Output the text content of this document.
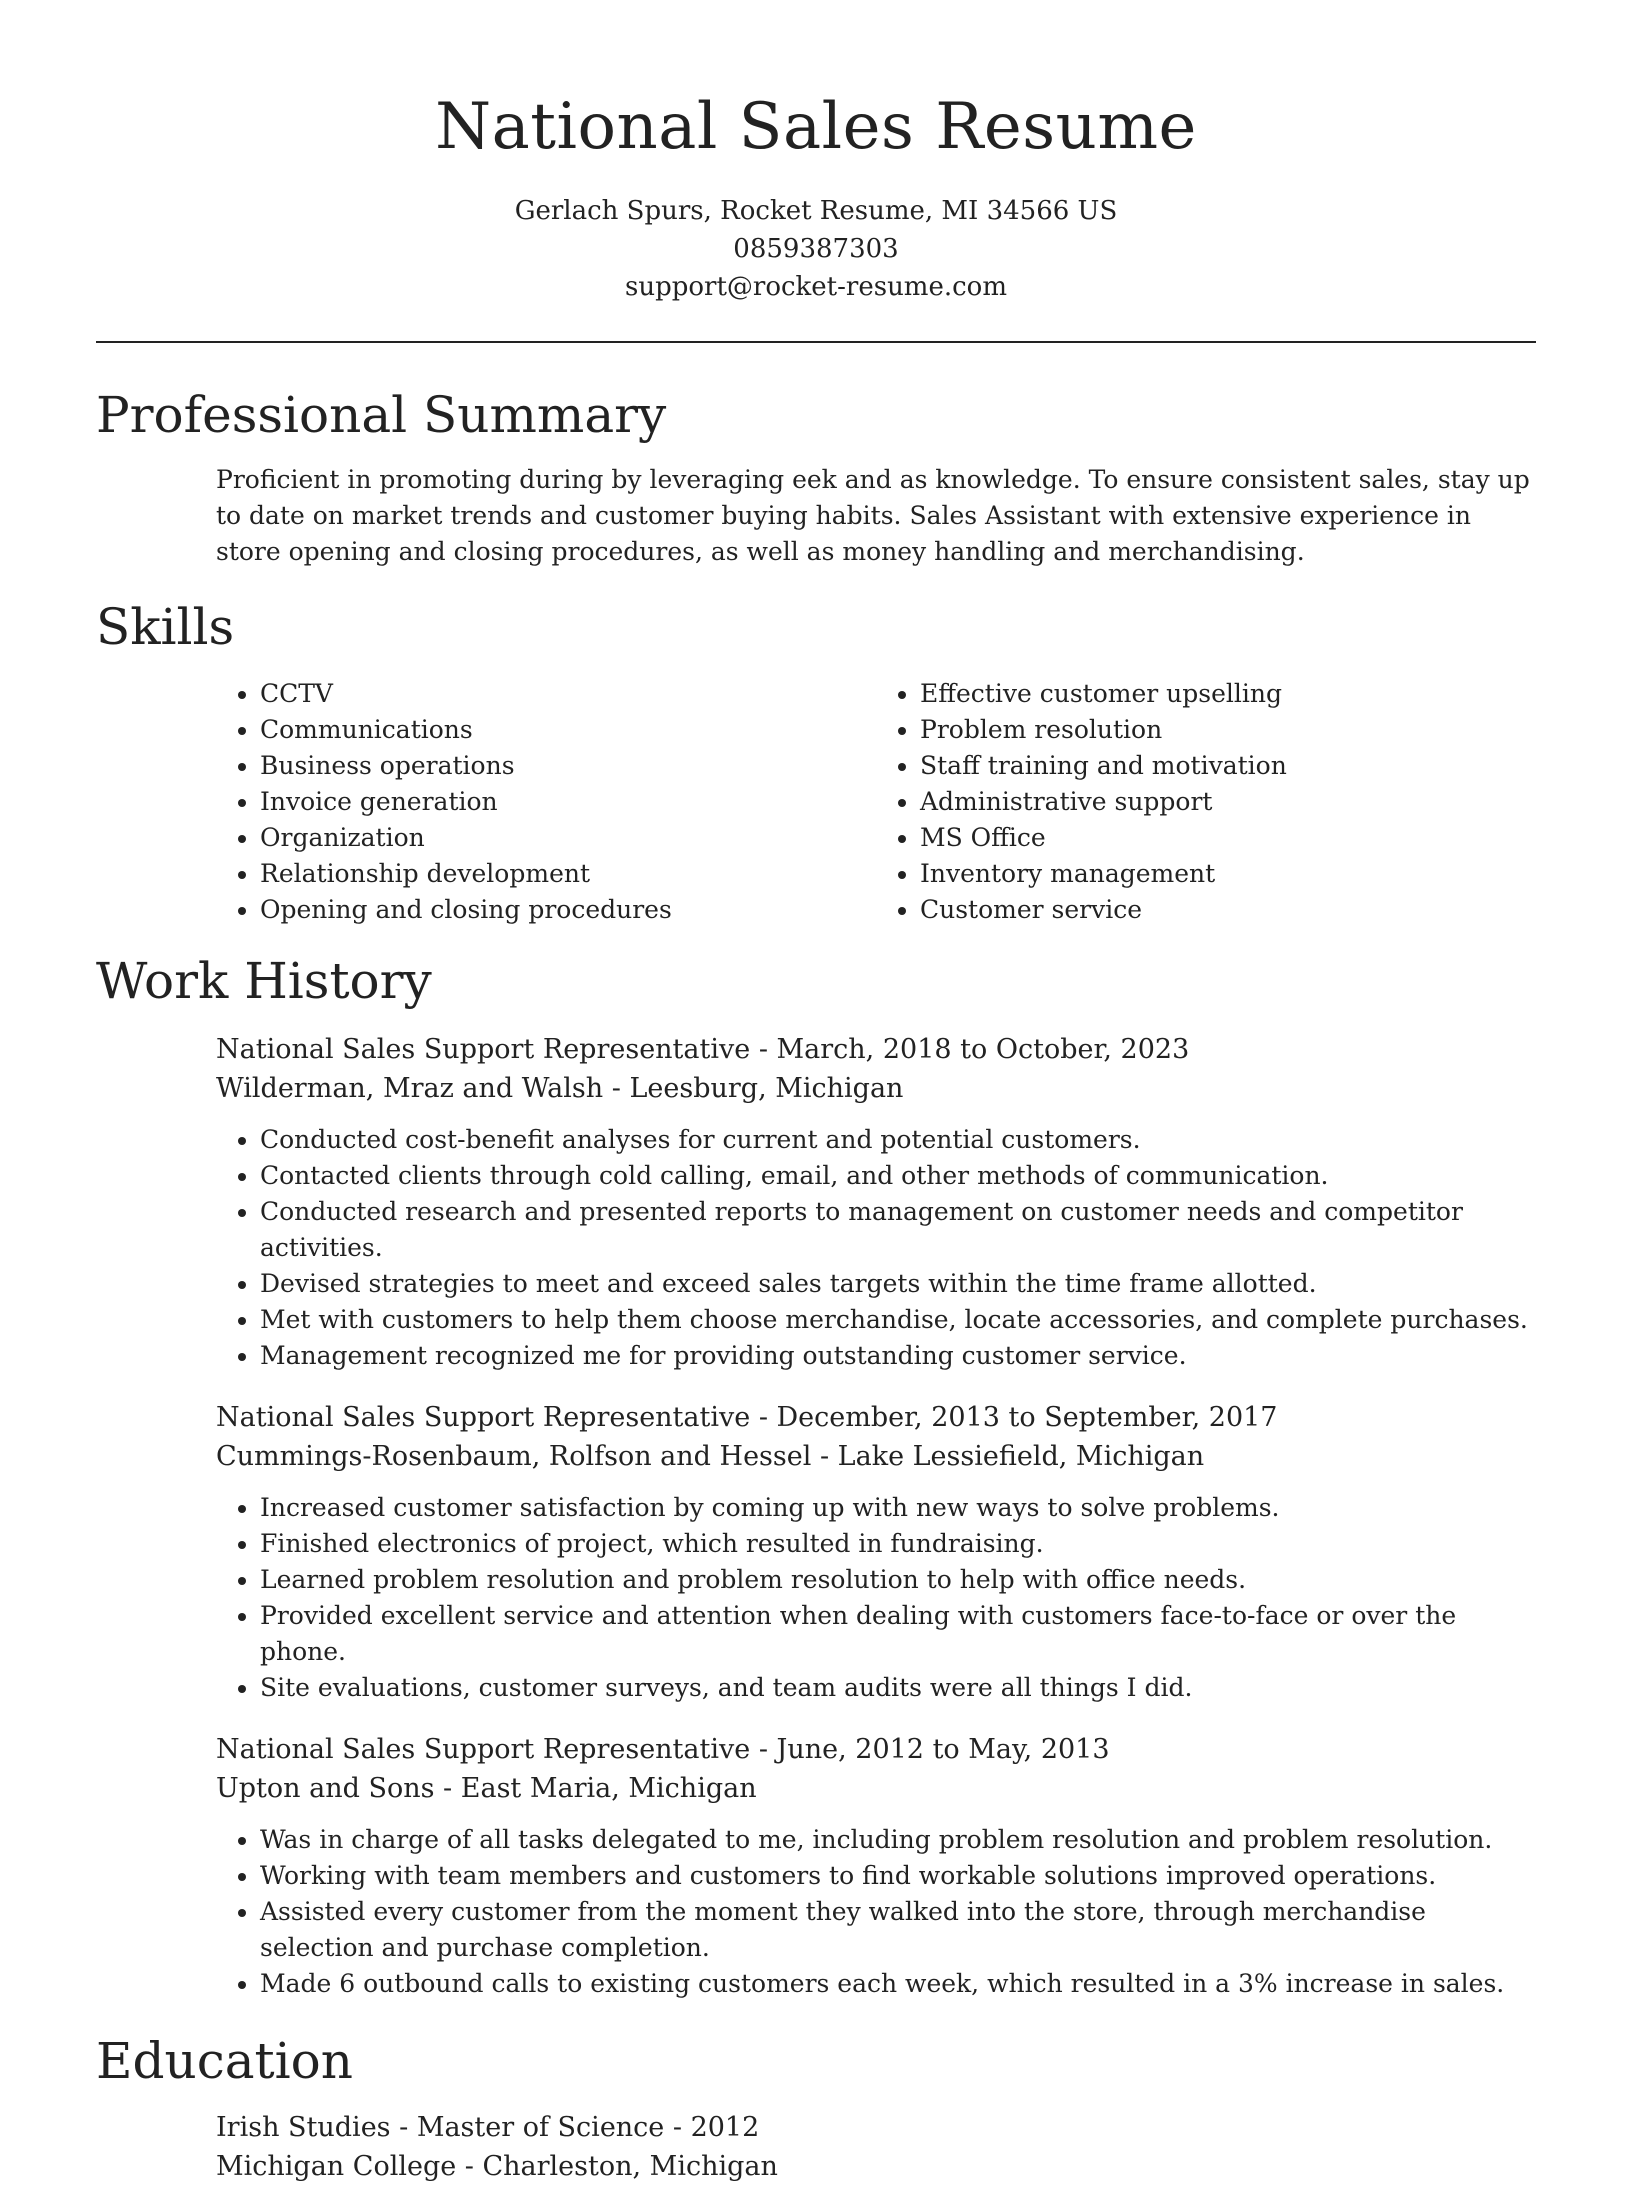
National Sales Resume
Gerlach Spurs, Rocket Resume, MI 34566 US
0859387303
support@rocket-resume.com
Professional Summary

Proficient in promoting during by leveraging eek and as knowledge. To ensure consistent sales, stay up to date on market trends and customer buying habits. Sales Assistant with extensive experience in store opening and closing procedures, as well as money handling and merchandising.

Skills
• CCTV
• Communications
• Business operations
• Invoice generation
• Organization
• Relationship development
• Opening and closing procedures
• Effective customer upselling
• Problem resolution
• Staff training and motivation
• Administrative support
• MS Office
• Inventory management
• Customer service
Work History
National Sales Support Representative - March, 2018 to October, 2023
Wilderman, Mraz and Walsh - Leesburg, Michigan
• Conducted cost-benefit analyses for current and potential customers.
• Contacted clients through cold calling, email, and other methods of communication.
• Conducted research and presented reports to management on customer needs and competitor activities.
• Devised strategies to meet and exceed sales targets within the time frame allotted.
• Met with customers to help them choose merchandise, locate accessories, and complete purchases.
• Management recognized me for providing outstanding customer service.
National Sales Support Representative - December, 2013 to September, 2017
Cummings-Rosenbaum, Rolfson and Hessel - Lake Lessiefield, Michigan
• Increased customer satisfaction by coming up with new ways to solve problems.
• Finished electronics of project, which resulted in fundraising.
• Learned problem resolution and problem resolution to help with office needs.
• Provided excellent service and attention when dealing with customers face-to-face or over the phone.
• Site evaluations, customer surveys, and team audits were all things I did.
National Sales Support Representative - June, 2012 to May, 2013
Upton and Sons - East Maria, Michigan
• Was in charge of all tasks delegated to me, including problem resolution and problem resolution.
• Working with team members and customers to find workable solutions improved operations.
• Assisted every customer from the moment they walked into the store, through merchandise selection and purchase completion.
• Made 6 outbound calls to existing customers each week, which resulted in a 3% increase in sales.
Education
Irish Studies - Master of Science - 2012
Michigan College - Charleston, Michigan
